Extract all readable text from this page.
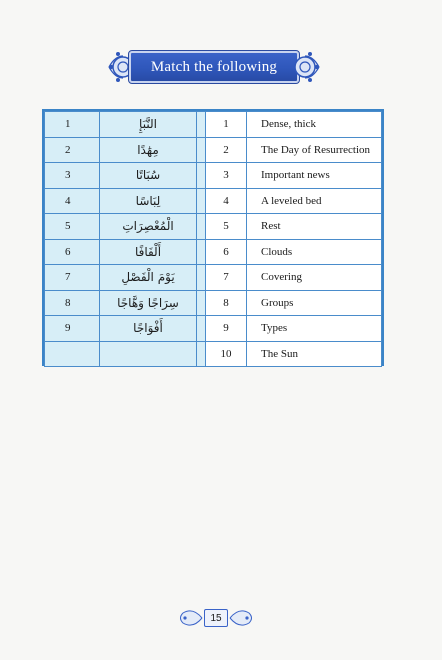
Match the following
1	النَّبَإِ		1	Dense, thick
2	مِهَٰدًا		2	The Day of Resurrection
3	سُبَاتًا		3	Important news
4	لِبَاسًا		4	A leveled bed
5	الْمُعْصِرَاتِ		5	Rest
6	أَلْفَافًا		6	Clouds
7	يَوْمَ الْفَصْلِ		7	Covering
8	سِرَاجًا وَهَّاجًا		8	Groups
9	أَفْوَاجًا		9	Types
			10	The Sun
15
